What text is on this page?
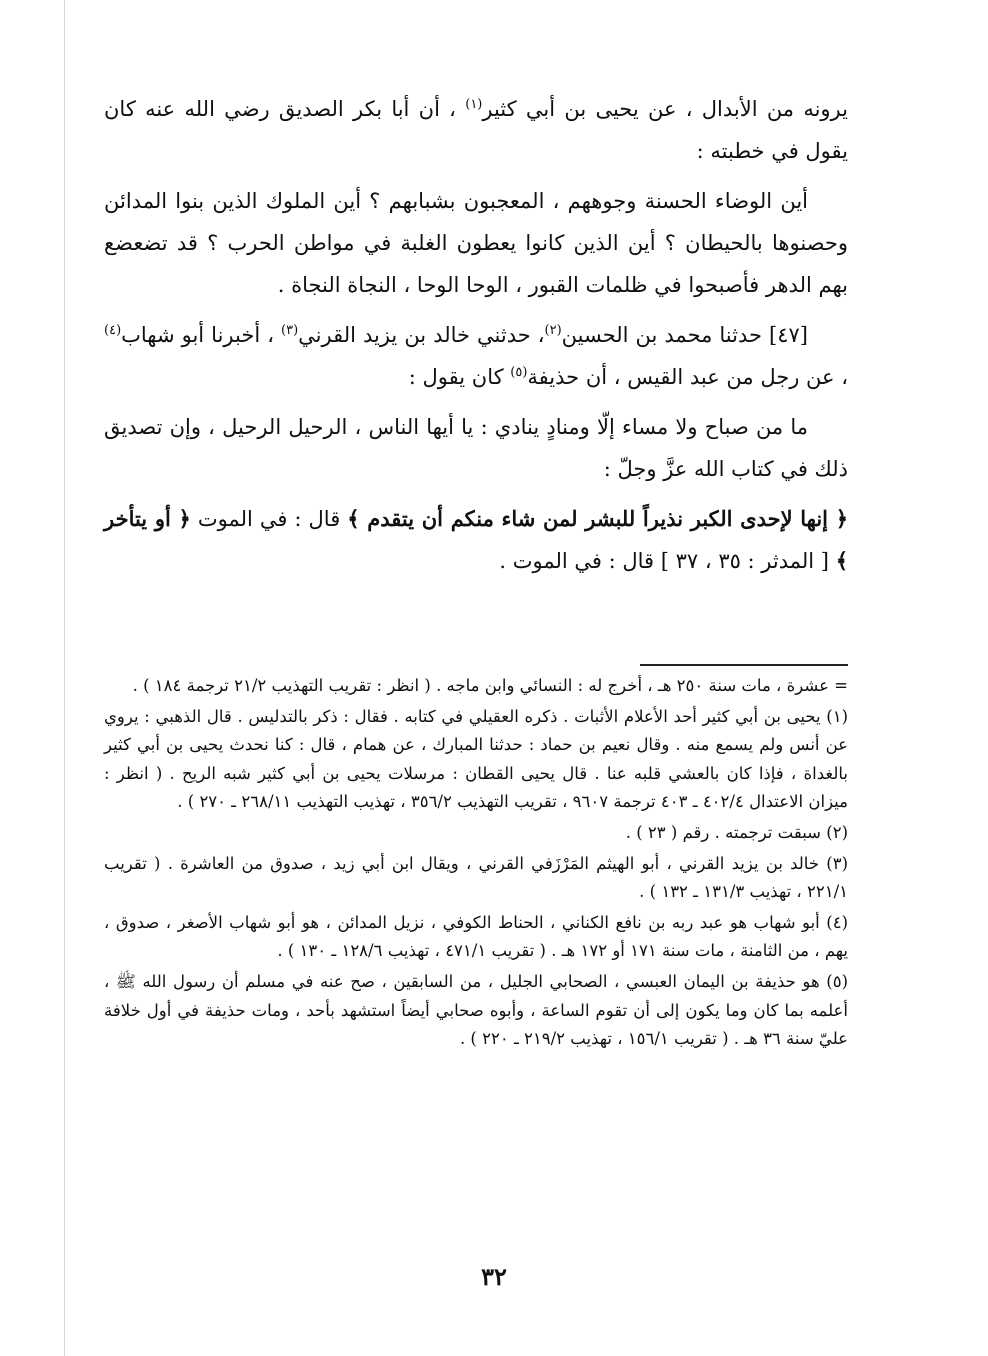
يرونه من الأبدال ، عن يحيى بن أبي كثير$^{(١)}$ ، أن أبا بكر الصديق رضي الله عنه كان يقول في خطبته :

أين الوضاء الحسنة وجوههم ، المعجبون بشبابهم ؟ أين الملوك الذين بنوا المدائن وحصنوها بالحيطان ؟ أين الذين كانوا يعطون الغلبة في مواطن الحرب ؟ قد تضعضع بهم الدهر فأصبحوا في ظلمات القبور ، الوحا الوحا ، النجاة النجاة .

[٤٧] حدثنا محمد بن الحسين$^{(٢)}$، حدثني خالد بن يزيد القرني$^{(٣)}$ ، أخبرنا أبو شهاب$^{(٤)}$ ، عن رجل من عبد القيس ، أن حذيفة$^{(٥)}$ كان يقول :

ما من صباح ولا مساء إلّا ومنادٍ ينادي : يا أيها الناس ، الرحيل الرحيل ، وإن تصديق ذلك في كتاب الله عزَّ وجلّ :

﴿ إنها لإحدى الكبر نذيراً للبشر لمن شاء منكم أن يتقدم ﴾ قال : في الموت ﴿ أو يتأخر ﴾ [ المدثر : ٣٥ ، ٣٧ ] قال : في الموت .

= عشرة ، مات سنة ٢٥٠ هـ ، أخرج له : النسائي وابن ماجه . ( انظر : تقريب التهذيب ٢١/٢ ترجمة ١٨٤ ) .

(١) يحيى بن أبي كثير أحد الأعلام الأثبات . ذكره العقيلي في كتابه . فقال : ذكر بالتدليس . قال الذهبي : يروي عن أنس ولم يسمع منه . وقال نعيم بن حماد : حدثنا المبارك ، عن همام ، قال : كنا نحدث يحيى بن أبي كثير بالغداة ، فإذا كان بالعشي قلبه عنا . قال يحيى القطان : مرسلات يحيى بن أبي كثير شبه الريح . ( انظر : ميزان الاعتدال ٤٠٢/٤ ـ ٤٠٣ ترجمة ٩٦٠٧ ، تقريب التهذيب ٣٥٦/٢ ، تهذيب التهذيب ٢٦٨/١١ ـ ٢٧٠ ) .

(٢) سبقت ترجمته . رقم ( ٢٣ ) .

(٣) خالد بن يزيد القرني ، أبو الهيثم المَرْزَفي القرني ، ويقال ابن أبي زيد ، صدوق من العاشرة . ( تقريب ٢٢١/١ ، تهذيب ١٣١/٣ ـ ١٣٢ ) .

(٤) أبو شهاب هو عبد ربه بن نافع الكناني ، الحناط الكوفي ، نزيل المدائن ، هو أبو شهاب الأصغر ، صدوق ، يهم ، من الثامنة ، مات سنة ١٧١ أو ١٧٢ هـ . ( تقريب ٤٧١/١ ، تهذيب ١٢٨/٦ ـ ١٣٠ ) .

(٥) هو حذيفة بن اليمان العبسي ، الصحابي الجليل ، من السابقين ، صح عنه في مسلم أن رسول الله ﷺ ، أعلمه بما كان وما يكون إلى أن تقوم الساعة ، وأبوه صحابي أيضاً استشهد بأحد ، ومات حذيفة في أول خلافة عليّ سنة ٣٦ هـ . ( تقريب ١٥٦/١ ، تهذيب ٢١٩/٢ ـ ٢٢٠ ) .

٣٢
